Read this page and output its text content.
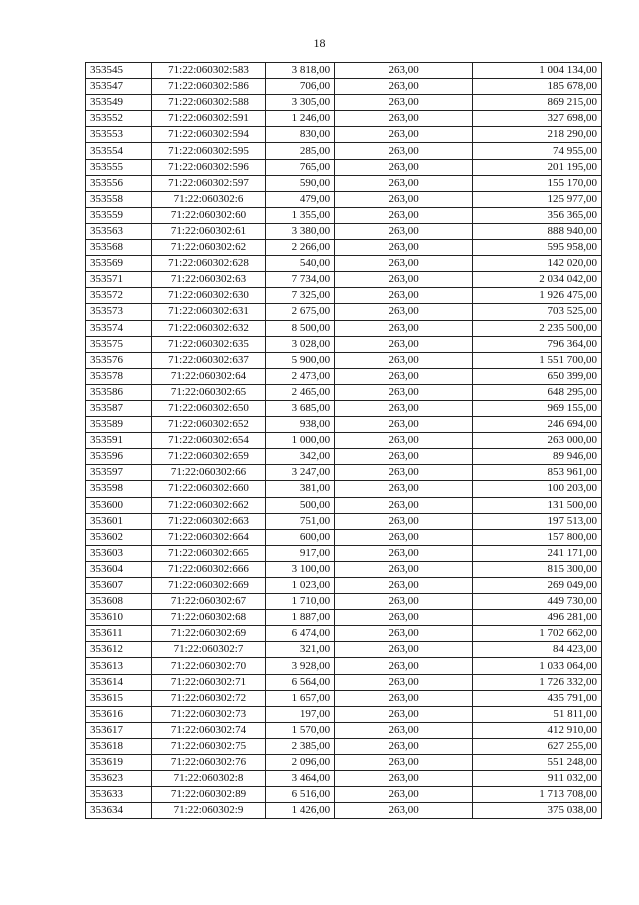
18
353545	71:22:060302:583	3 818,00	263,00	1 004 134,00
353547	71:22:060302:586	706,00	263,00	185 678,00
353549	71:22:060302:588	3 305,00	263,00	869 215,00
353552	71:22:060302:591	1 246,00	263,00	327 698,00
353553	71:22:060302:594	830,00	263,00	218 290,00
353554	71:22:060302:595	285,00	263,00	74 955,00
353555	71:22:060302:596	765,00	263,00	201 195,00
353556	71:22:060302:597	590,00	263,00	155 170,00
353558	71:22:060302:6	479,00	263,00	125 977,00
353559	71:22:060302:60	1 355,00	263,00	356 365,00
353563	71:22:060302:61	3 380,00	263,00	888 940,00
353568	71:22:060302:62	2 266,00	263,00	595 958,00
353569	71:22:060302:628	540,00	263,00	142 020,00
353571	71:22:060302:63	7 734,00	263,00	2 034 042,00
353572	71:22:060302:630	7 325,00	263,00	1 926 475,00
353573	71:22:060302:631	2 675,00	263,00	703 525,00
353574	71:22:060302:632	8 500,00	263,00	2 235 500,00
353575	71:22:060302:635	3 028,00	263,00	796 364,00
353576	71:22:060302:637	5 900,00	263,00	1 551 700,00
353578	71:22:060302:64	2 473,00	263,00	650 399,00
353586	71:22:060302:65	2 465,00	263,00	648 295,00
353587	71:22:060302:650	3 685,00	263,00	969 155,00
353589	71:22:060302:652	938,00	263,00	246 694,00
353591	71:22:060302:654	1 000,00	263,00	263 000,00
353596	71:22:060302:659	342,00	263,00	89 946,00
353597	71:22:060302:66	3 247,00	263,00	853 961,00
353598	71:22:060302:660	381,00	263,00	100 203,00
353600	71:22:060302:662	500,00	263,00	131 500,00
353601	71:22:060302:663	751,00	263,00	197 513,00
353602	71:22:060302:664	600,00	263,00	157 800,00
353603	71:22:060302:665	917,00	263,00	241 171,00
353604	71:22:060302:666	3 100,00	263,00	815 300,00
353607	71:22:060302:669	1 023,00	263,00	269 049,00
353608	71:22:060302:67	1 710,00	263,00	449 730,00
353610	71:22:060302:68	1 887,00	263,00	496 281,00
353611	71:22:060302:69	6 474,00	263,00	1 702 662,00
353612	71:22:060302:7	321,00	263,00	84 423,00
353613	71:22:060302:70	3 928,00	263,00	1 033 064,00
353614	71:22:060302:71	6 564,00	263,00	1 726 332,00
353615	71:22:060302:72	1 657,00	263,00	435 791,00
353616	71:22:060302:73	197,00	263,00	51 811,00
353617	71:22:060302:74	1 570,00	263,00	412 910,00
353618	71:22:060302:75	2 385,00	263,00	627 255,00
353619	71:22:060302:76	2 096,00	263,00	551 248,00
353623	71:22:060302:8	3 464,00	263,00	911 032,00
353633	71:22:060302:89	6 516,00	263,00	1 713 708,00
353634	71:22:060302:9	1 426,00	263,00	375 038,00
